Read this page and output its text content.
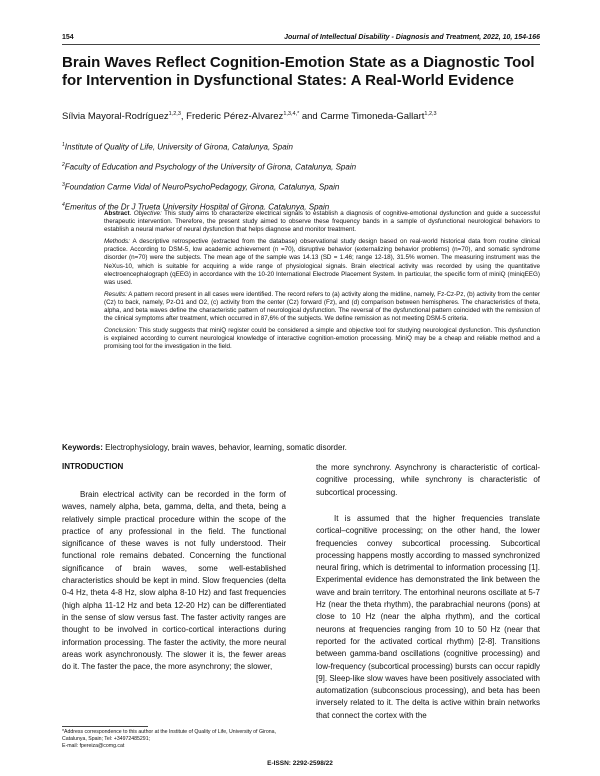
154	Journal of Intellectual Disability - Diagnosis and Treatment, 2022, 10, 154-166
Brain Waves Reflect Cognition-Emotion State as a Diagnostic Tool for Intervention in Dysfunctional States: A Real-World Evidence
Sílvia Mayoral-Rodríguez$^{1,2,3}$, Frederic Pérez-Alvarez$^{1,3,4,*}$ and Carme Timoneda-Gallart$^{1,2,3}$
$^1$Institute of Quality of Life, University of Girona, Catalunya, Spain
$^2$Faculty of Education and Psychology of the University of Girona, Catalunya, Spain
$^3$Foundation Carme Vidal of NeuroPsychoPedagogy, Girona, Catalunya, Spain
$^4$Emeritus of the Dr J Trueta University Hospital of Girona. Catalunya, Spain

Abstract. Objective: This study aims to characterize electrical signals to establish a diagnosis of cognitive-emotional dysfunction and guide a successful therapeutic intervention. Therefore, the present study aimed to observe these frequency bands in a sample of dysfunctional neurological behaviors to establish a neural marker of neural dysfunction that helps diagnose and monitor treatment.

Methods: A descriptive retrospective (extracted from the database) observational study design based on real-world historical data from routine clinical practice. According to DSM-5, low academic achievement (n =70), disruptive behavior (externalizing behavior problems) (n=70), and somatic syndrome disorder (n=70) were the subjects. The mean age of the sample was 14.13 (SD = 1.46; range 12-18), 31.5% women. The measuring instrument was the NeXus-10, which is suitable for acquiring a wide range of physiological signals. Brain electrical activity was recorded by using the quantitative electroencephalograph (qEEG) in accordance with the 10-20 International Electrode Placement System. In particular, the specific form of miniQ (miniqEEG) was used.

Results: A pattern record present in all cases were identified. The record refers to (a) activity along the midline, namely, Fz-Cz-Pz, (b) activity from the center (Cz) to back, namely, Pz-O1 and O2, (c) activity from the center (Cz) forward (Fz), and (d) comparison between hemispheres. The characteristics of theta, alpha, and beta waves define the characteristic pattern of neurological dysfunction. The reversal of the dysfunctional pattern coincided with the remission of the clinical symptoms after treatment, which occurred in 87,6% of the subjects. We define remission as not meeting DSM-5 criteria.

Conclusion: This study suggests that miniQ register could be considered a simple and objective tool for studying neurological dysfunction. This dysfunction is explained according to current neurological knowledge of interactive cognition-emotion processing. MiniQ may be a cheap and reliable method and a promising tool for the investigation in the field.

Keywords: Electrophysiology, brain waves, behavior, learning, somatic disorder.
INTRODUCTION

Brain electrical activity can be recorded in the form of waves, namely alpha, beta, gamma, delta, and theta, being a relatively simple practical procedure within the scope of the practice of any professional in the field. The functional significance of these waves is not fully understood. Their functional role remains debated. Concerning the functional significance of brain waves, some well-established characteristics should be kept in mind. Slow frequencies (delta 0-4 Hz, theta 4-8 Hz, slow alpha 8-10 Hz) and fast frequencies (high alpha 11-12 Hz and beta 12-20 Hz) can be differentiated in the sense of slow versus fast. The faster activity ranges are thought to be involved in cortico-cortical interactions during information processing. The faster the activity, the more neural areas work asynchronously. The slower it is, the fewer areas do it. The faster the pace, the more asynchrony; the slower,

the more synchrony. Asynchrony is characteristic of cortical-cognitive processing, while synchrony is characteristic of subcortical processing.

It is assumed that the higher frequencies translate cortical–cognitive processing; on the other hand, the lower frequencies convey subcortical processing. Subcortical processing happens mostly according to massed synchronized neural firing, which is detrimental to information processing [1]. Experimental evidence has demonstrated the link between the wave and brain territory. The entorhinal neurons oscillate at 5-7 Hz (near the theta rhythm), the parabrachial neurons (pons) at close to 10 Hz (near the alpha rhythm), and the cortical neurons at frequencies ranging from 10 to 50 Hz (near that reported for the activated cortical rhythm) [2-8]. Transitions between gamma-band oscillations (cognitive processing) and low-frequency (subcortical processing) bursts can occur rapidly [9]. Sleep-like slow waves have been positively associated with automatization (subconscious processing), and beta has been inversely related to it. The delta is active within brain networks that connect the cortex with the

*Address correspondence to this author at the Institute of Quality of Life, University of Girona, Catalunya, Spain; Tel: +34972485291;
E-mail: fpereiza@comg.cat

E-ISSN: 2292-2598/22
